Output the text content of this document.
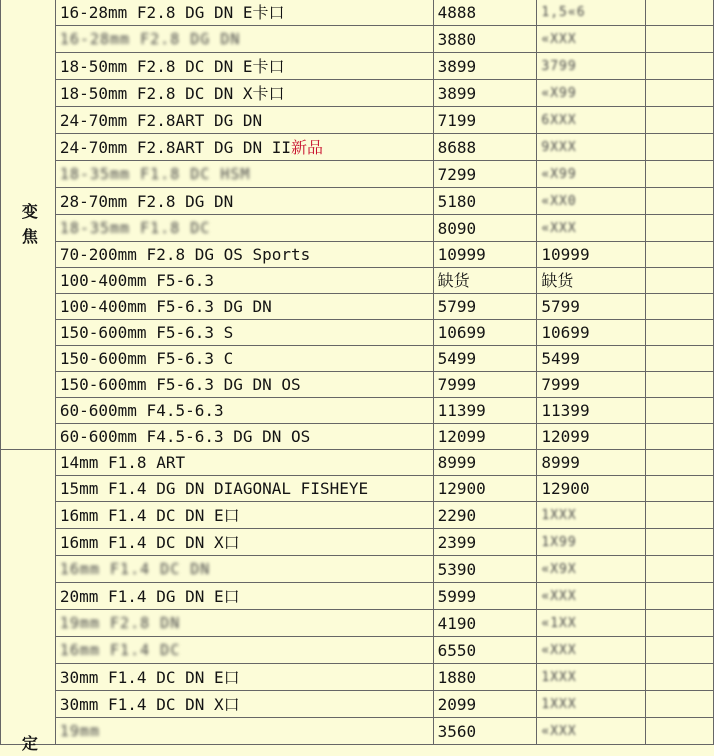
变
焦	16-28mm F2.8 DG DN E卡口	4888	1,5«6	
	16-28mm F2.8 DG DN	3880	«XXX	
	18-50mm F2.8 DC DN E卡口	3899	3799	
	18-50mm F2.8 DC DN X卡口	3899	«X99	
	24-70mm F2.8ART DG DN	7199	6XXX	
	24-70mm F2.8ART DG DN II新品	8688	9XXX	
	18-35mm F1.8 DC HSM	7299	«X99	
	28-70mm F2.8 DG DN	5180	«XX0	
	18-35mm F1.8 DC	8090	«XXX	
	70-200mm F2.8 DG OS Sports	10999	10999	
	100-400mm F5-6.3	缺货	缺货	
	100-400mm F5-6.3 DG DN	5799	5799	
	150-600mm F5-6.3 S	10699	10699	
	150-600mm F5-6.3 C	5499	5499	
	150-600mm F5-6.3 DG DN OS	7999	7999	
	60-600mm F4.5-6.3	11399	11399	
	60-600mm F4.5-6.3 DG DN OS	12099	12099	

定	14mm F1.8 ART	8999	8999	
	15mm F1.4 DG DN DIAGONAL FISHEYE	12900	12900	
	16mm F1.4 DC DN E口	2290	1XXX	
	16mm F1.4 DC DN X口	2399	1X99	
	16mm F1.4 DC DN	5390	«X9X	
	20mm F1.4 DG DN E口	5999	«XXX	
	19mm F2.8 DN	4190	«1XX	
	16mm F1.4 DC	6550	«XXX	
	30mm F1.4 DC DN E口	1880	1XXX	
	30mm F1.4 DC DN X口	2099	1XXX	
	19mm	3560	«XXX	
